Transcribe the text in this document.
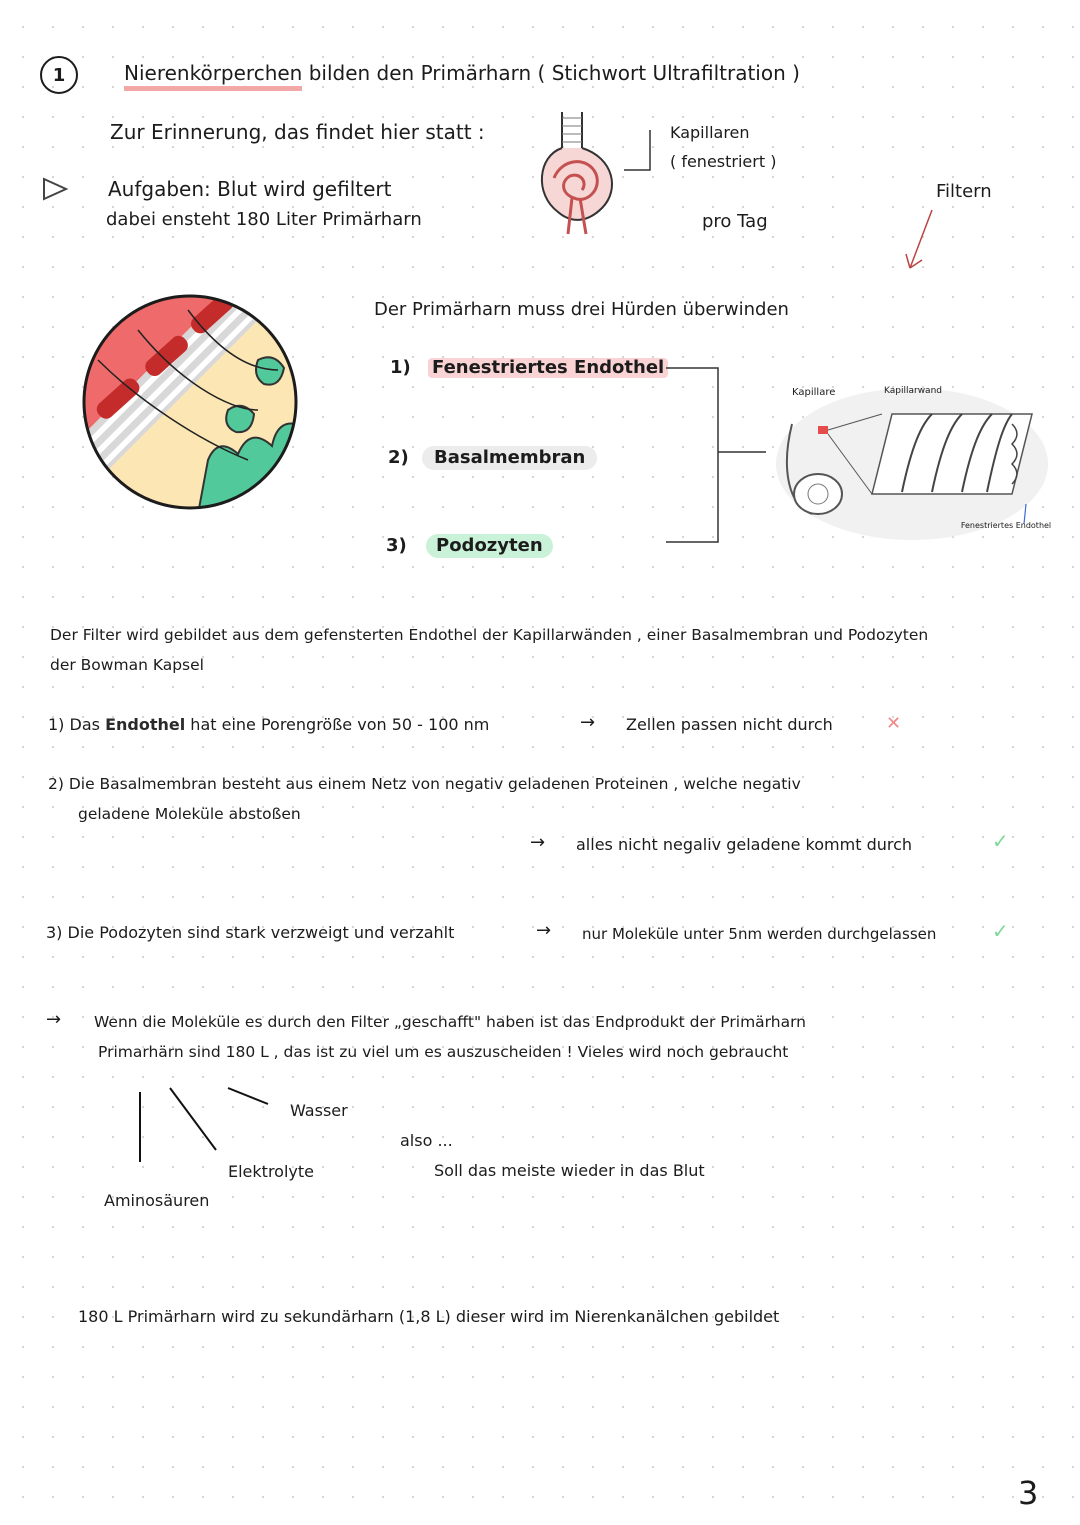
1	Nierenkörperchen bilden den Primärharn ( Stichwort Ultrafiltration )
Zur Erinnerung, das findet hier statt :
Aufgaben: Blut wird gefiltert
dabei ensteht 180 Liter Primärharn
Kapillaren
( fenestriert )
pro Tag
Filtern
Der Primärharn muss drei Hürden überwinden
1) Fenestriertes Endothel
2)	Basalmembran
3)	Podozyten
Kapillare	Kapillarwand
Fenestriertes Endothel
Der Filter wird gebildet aus dem gefensterten Endothel der Kapillarwänden , einer Basalmembran und Podozyten
der Bowman Kapsel
1) Das Endothel hat eine Porengröße von 50 - 100 nm	→ Zellen passen nicht durch	✕
2) Die Basalmembran besteht aus einem Netz von negativ geladenen Proteinen , welche negativ
geladene Moleküle abstoßen
→ alles nicht negaliv geladene kommt durch	✓
3) Die Podozyten sind stark verzweigt und verzahlt	→ nur Moleküle unter 5nm werden durchgelassen	✓
→ Wenn die Moleküle es durch den Filter „geschafft" haben ist das Endprodukt der Primärharn
Primarhärn sind 180 L , das ist zu viel um es auszuscheiden ! Vieles wird noch gebraucht
Wasser
Elektrolyte
Aminosäuren
also ...
Soll das meiste wieder in das Blut
180 L Primärharn wird zu sekundärharn (1,8 L) dieser wird im Nierenkanälchen gebildet
3
